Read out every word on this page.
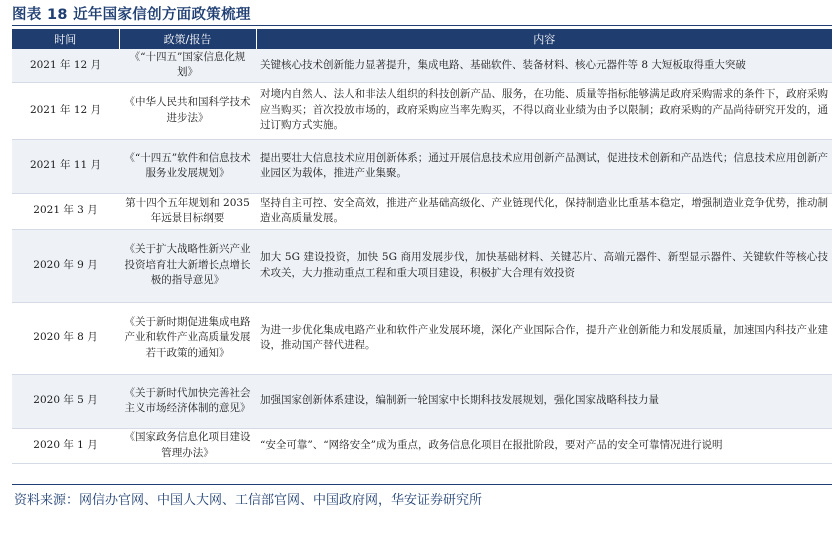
图表 18 近年国家信创方面政策梳理
时间	政策/报告	内容
2021 年 12 月	《“十四五”国家信息化规划》	关键核心技术创新能力显著提升，集成电路、基础软件、装备材料、核心元器件等 8 大短板取得重大突破
2021 年 12 月	《中华人民共和国科学技术进步法》	对境内自然人、法人和非法人组织的科技创新产品、服务，在功能、质量等指标能够满足政府采购需求的条件下，政府采购应当购买；首次投放市场的，政府采购应当率先购买，不得以商业业绩为由予以限制；政府采购的产品尚待研究开发的，通过订购方式实施。
2021 年 11 月	《“十四五”软件和信息技术服务业发展规划》	提出要壮大信息技术应用创新体系；通过开展信息技术应用创新产品测试，促进技术创新和产品迭代；信息技术应用创新产业园区为载体，推进产业集聚。
2021 年 3 月	第十四个五年规划和 2035 年远景目标纲要	坚持自主可控、安全高效，推进产业基础高级化、产业链现代化，保持制造业比重基本稳定，增强制造业竞争优势，推动制造业高质量发展。
2020 年 9 月	《关于扩大战略性新兴产业投资培育壮大新增长点增长极的指导意见》	加大 5G 建设投资，加快 5G 商用发展步伐，加快基础材料、关键芯片、高端元器件、新型显示器件、关键软件等核心技术攻关，大力推动重点工程和重大项目建设，积极扩大合理有效投资
2020 年 8 月	《关于新时期促进集成电路产业和软件产业高质量发展若干政策的通知》	为进一步优化集成电路产业和软件产业发展环境，深化产业国际合作，提升产业创新能力和发展质量，加速国内科技产业建设，推动国产替代进程。
2020 年 5 月	《关于新时代加快完善社会主义市场经济体制的意见》	加强国家创新体系建设，编制新一轮国家中长期科技发展规划，强化国家战略科技力量
2020 年 1 月	《国家政务信息化项目建设管理办法》	“安全可靠”、“网络安全”成为重点，政务信息化项目在报批阶段，要对产品的安全可靠情况进行说明
资料来源：网信办官网、中国人大网、工信部官网、中国政府网，华安证券研究所
